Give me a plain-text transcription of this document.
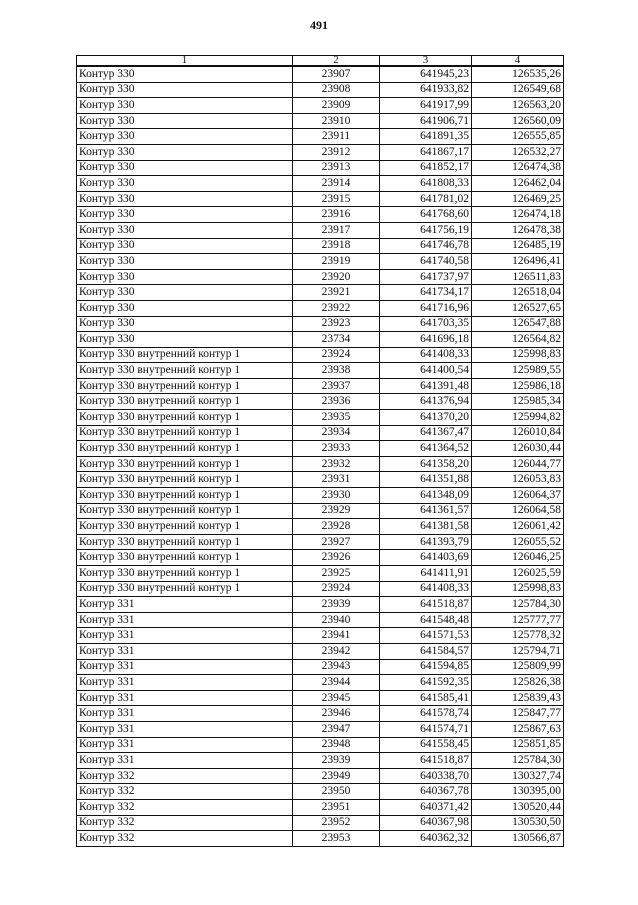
491
1	2	3	4
Контур 330	23907	641945,23	126535,26
Контур 330	23908	641933,82	126549,68
Контур 330	23909	641917,99	126563,20
Контур 330	23910	641906,71	126560,09
Контур 330	23911	641891,35	126555,85
Контур 330	23912	641867,17	126532,27
Контур 330	23913	641852,17	126474,38
Контур 330	23914	641808,33	126462,04
Контур 330	23915	641781,02	126469,25
Контур 330	23916	641768,60	126474,18
Контур 330	23917	641756,19	126478,38
Контур 330	23918	641746,78	126485,19
Контур 330	23919	641740,58	126496,41
Контур 330	23920	641737,97	126511,83
Контур 330	23921	641734,17	126518,04
Контур 330	23922	641716,96	126527,65
Контур 330	23923	641703,35	126547,88
Контур 330	23734	641696,18	126564,82
Контур 330 внутренний контур 1	23924	641408,33	125998,83
Контур 330 внутренний контур 1	23938	641400,54	125989,55
Контур 330 внутренний контур 1	23937	641391,48	125986,18
Контур 330 внутренний контур 1	23936	641376,94	125985,34
Контур 330 внутренний контур 1	23935	641370,20	125994,82
Контур 330 внутренний контур 1	23934	641367,47	126010,84
Контур 330 внутренний контур 1	23933	641364,52	126030,44
Контур 330 внутренний контур 1	23932	641358,20	126044,77
Контур 330 внутренний контур 1	23931	641351,88	126053,83
Контур 330 внутренний контур 1	23930	641348,09	126064,37
Контур 330 внутренний контур 1	23929	641361,57	126064,58
Контур 330 внутренний контур 1	23928	641381,58	126061,42
Контур 330 внутренний контур 1	23927	641393,79	126055,52
Контур 330 внутренний контур 1	23926	641403,69	126046,25
Контур 330 внутренний контур 1	23925	641411,91	126025,59
Контур 330 внутренний контур 1	23924	641408,33	125998,83
Контур 331	23939	641518,87	125784,30
Контур 331	23940	641548,48	125777,77
Контур 331	23941	641571,53	125778,32
Контур 331	23942	641584,57	125794,71
Контур 331	23943	641594,85	125809,99
Контур 331	23944	641592,35	125826,38
Контур 331	23945	641585,41	125839,43
Контур 331	23946	641578,74	125847,77
Контур 331	23947	641574,71	125867,63
Контур 331	23948	641558,45	125851,85
Контур 331	23939	641518,87	125784,30
Контур 332	23949	640338,70	130327,74
Контур 332	23950	640367,78	130395,00
Контур 332	23951	640371,42	130520,44
Контур 332	23952	640367,98	130530,50
Контур 332	23953	640362,32	130566,87
